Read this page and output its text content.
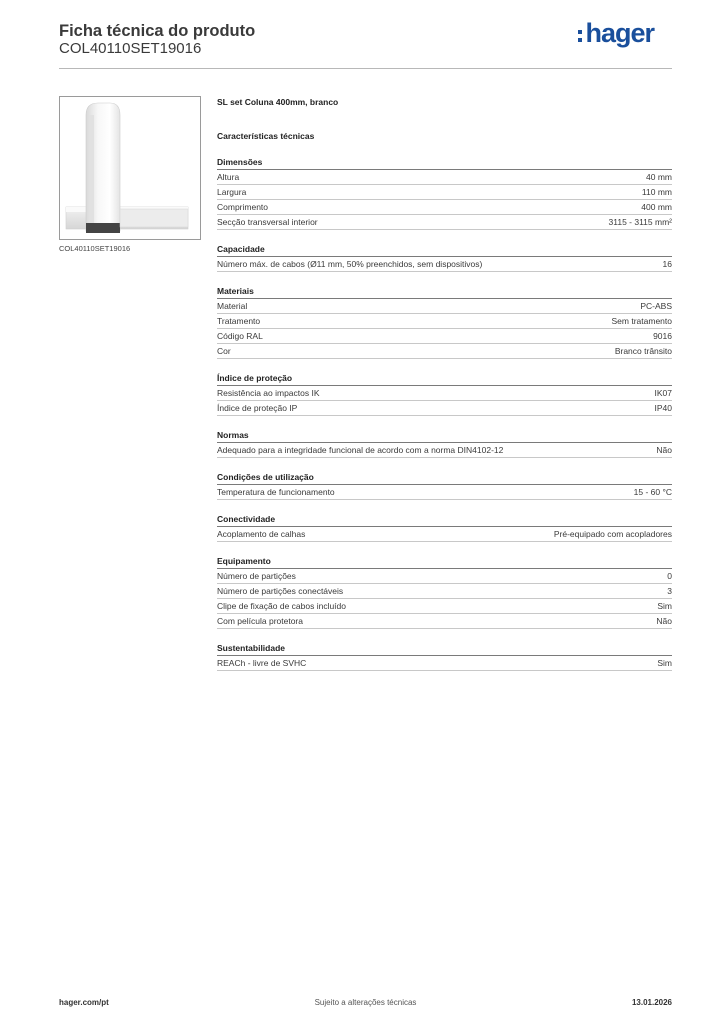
Ficha técnica do produto
COL40110SET19016
hager
COL40110SET19016
SL set Coluna 400mm, branco
Características técnicas
Dimensões
Altura	40 mm
Largura	110 mm
Comprimento	400 mm
Secção transversal interior	3115 - 3115 mm²
Capacidade
Número máx. de cabos (Ø11 mm, 50% preenchidos, sem dispositivos)	16
Materiais
Material	PC-ABS
Tratamento	Sem tratamento
Código RAL	9016
Cor	Branco trânsito
Índice de proteção
Resistência ao impactos IK	IK07
Índice de proteção IP	IP40
Normas
Adequado para a integridade funcional de acordo com a norma DIN4102-12	Não
Condições de utilização
Temperatura de funcionamento	15 - 60 °C
Conectividade
Acoplamento de calhas	Pré-equipado com acopladores
Equipamento
Número de partições	0
Número de partições conectáveis	3
Clipe de fixação de cabos incluído	Sim
Com película protetora	Não
Sustentabilidade
REACh - livre de SVHC	Sim
hager.com/pt	Sujeito a alterações técnicas	13.01.2026
